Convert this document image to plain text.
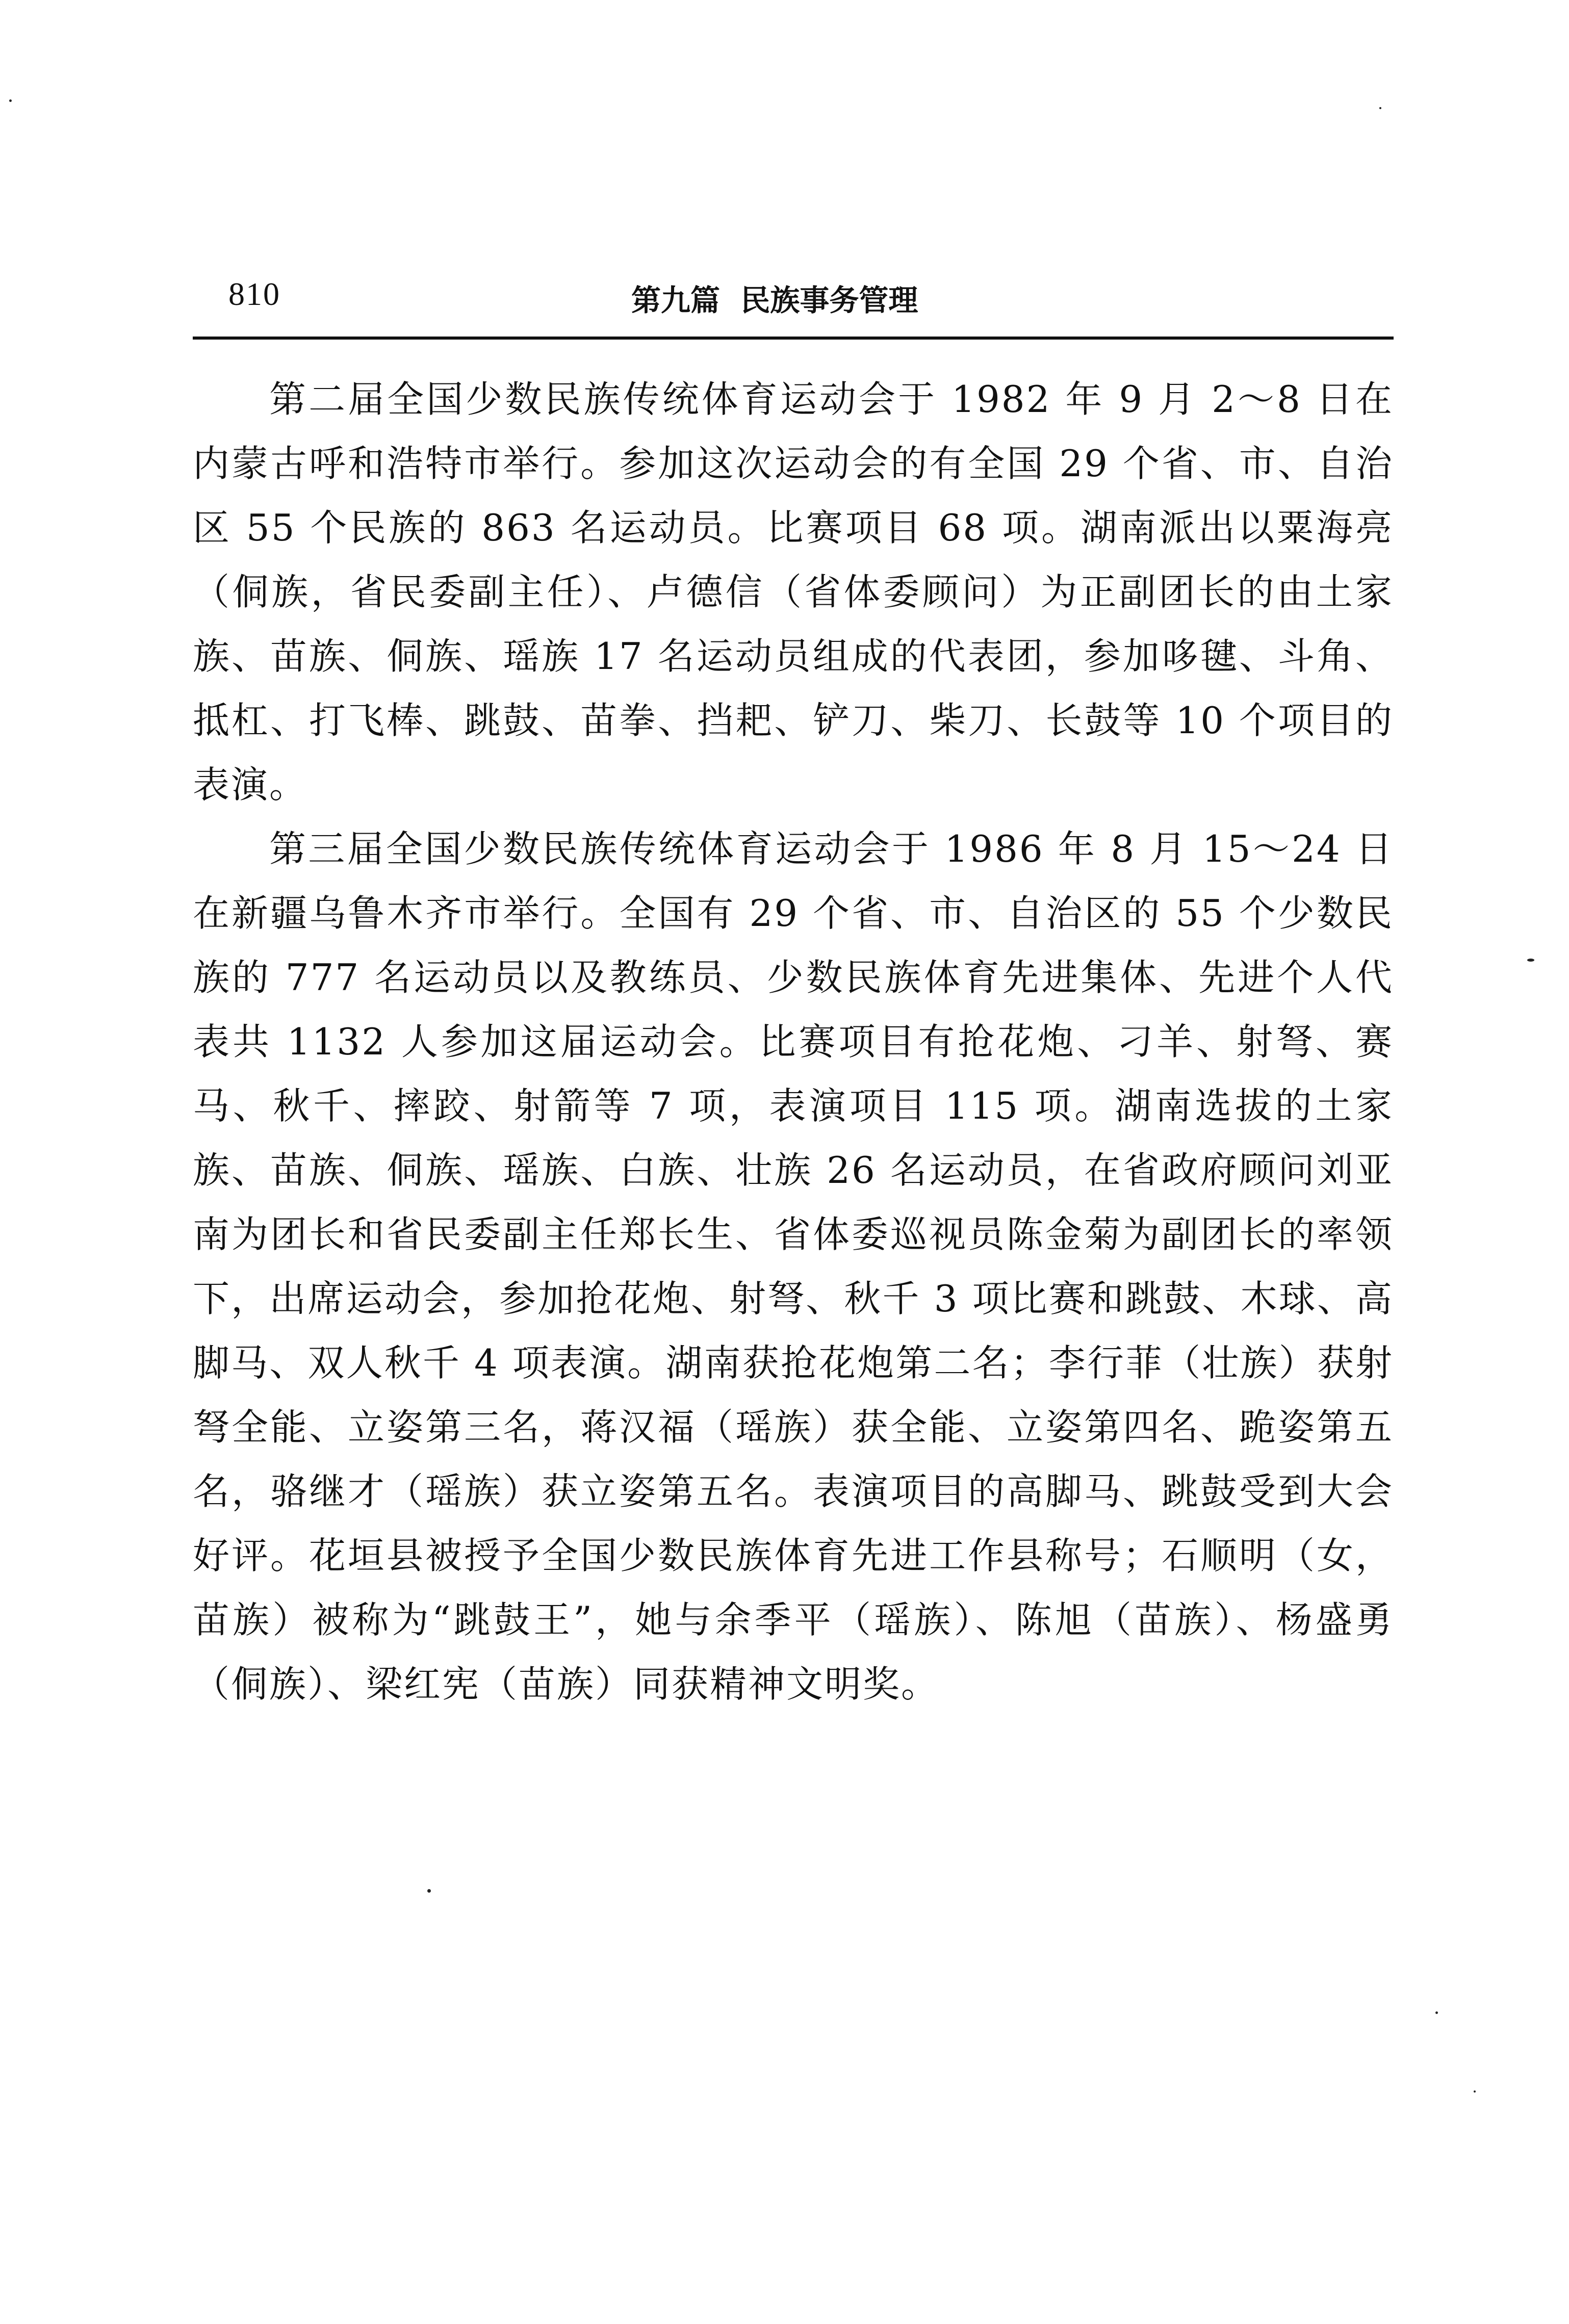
810	第九篇  民族事务管理

第二届全国少数民族传统体育运动会于 1982 年 9 月 2～8 日在内蒙古呼和浩特市举行。参加这次运动会的有全国 29 个省、市、自治区 55 个民族的 863 名运动员。比赛项目 68 项。湖南派出以粟海亮（侗族，省民委副主任）、卢德信（省体委顾问）为正副团长的由土家族、苗族、侗族、瑶族 17 名运动员组成的代表团，参加哆毽、斗角、抵杠、打飞棒、跳鼓、苗拳、挡耙、铲刀、柴刀、长鼓等 10 个项目的表演。

第三届全国少数民族传统体育运动会于 1986 年 8 月 15～24 日在新疆乌鲁木齐市举行。全国有 29 个省、市、自治区的 55 个少数民族的 777 名运动员以及教练员、少数民族体育先进集体、先进个人代表共 1132 人参加这届运动会。比赛项目有抢花炮、刁羊、射弩、赛马、秋千、摔跤、射箭等 7 项，表演项目 115 项。湖南选拔的土家族、苗族、侗族、瑶族、白族、壮族 26 名运动员，在省政府顾问刘亚南为团长和省民委副主任郑长生、省体委巡视员陈金菊为副团长的率领下，出席运动会，参加抢花炮、射弩、秋千 3 项比赛和跳鼓、木球、高脚马、双人秋千 4 项表演。湖南获抢花炮第二名；李行菲（壮族）获射弩全能、立姿第三名，蒋汉福（瑶族）获全能、立姿第四名、跪姿第五名，骆继才（瑶族）获立姿第五名。表演项目的高脚马、跳鼓受到大会好评。花垣县被授予全国少数民族体育先进工作县称号；石顺明（女，苗族）被称为“跳鼓王”，她与余季平（瑶族）、陈旭（苗族）、杨盛勇（侗族）、梁红宪（苗族）同获精神文明奖。
